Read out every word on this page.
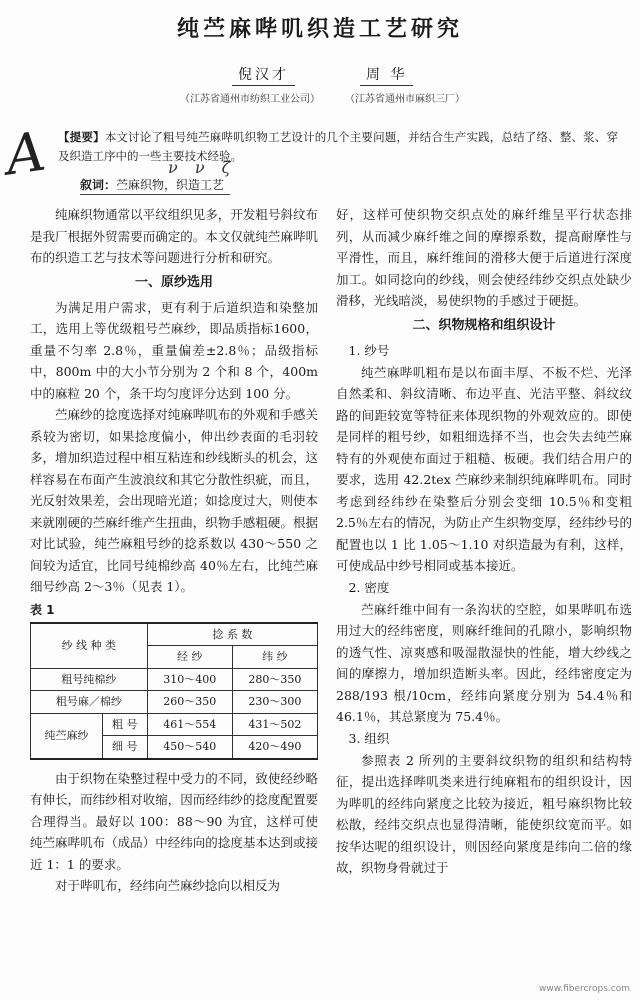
纯苎麻哔叽织造工艺研究
倪汉才	周 华
（江苏省通州市纺织工业公司）	（江苏省通州市麻织三厂）
A 【提要】本文讨论了粗号纯苎麻哔叽织物工艺设计的几个主要问题，并结合生产实践，总结了络、整、浆、穿及织造工序中的一些主要技术经验。
ν ν ζ
叙词：苎麻织物，织造工艺

纯麻织物通常以平纹组织见多，开发粗号斜纹布是我厂根据外贸需要而确定的。本文仅就纯苎麻哔叽布的织造工艺与技术等问题进行分析和研究。

一、原纱选用

为满足用户需求，更有利于后道织造和染整加工，选用上等优级粗号苎麻纱，即品质指标1600，重量不匀率 2.8％，重量偏差±2.8％；品级指标中，800m 中的大小节分别为 2 个和 8 个，400m 中的麻粒 20 个，条干均匀度评分达到 100 分。

苎麻纱的捻度选择对纯麻哔叽布的外观和手感关系较为密切，如果捻度偏小，伸出纱表面的毛羽较多，增加织造过程中相互粘连和纱线断头的机会，这样容易在布面产生波浪纹和其它分散性织疵，而且，光反射效果差，会出现暗光道；如捻度过大，则使本来就刚硬的苎麻纤维产生扭曲，织物手感粗硬。根据对比试验，纯苎麻粗号纱的捻系数以 430～550 之间较为适宜，比同号纯棉纱高 40％左右，比纯苎麻细号纱高 2～3％（见表 1）。

表 1
纱 线 种 类		捻 系 数	
		经 纱	纬 纱
粗号纯棉纱		310～400	280～350
粗号麻／棉纱		260～350	230～300
纯苎麻纱	粗 号	461～554	431～502
	细 号	450～540	420～490

由于织物在染整过程中受力的不同，致使经纱略有伸长，而纬纱相对收缩，因而经纬纱的捻度配置要合理得当。最好以 100：88～90 为宜，这样可使纯苎麻哔叽布（成品）中经纬向的捻度基本达到或接近 1：1 的要求。

对于哔叽布，经纬向苎麻纱捻向以相反为

好，这样可使织物交织点处的麻纤维呈平行状态排列，从而减少麻纤维之间的摩擦系数，提高耐摩性与平滑性，而且，麻纤维间的滑移大便于后道进行深度加工。如同捻向的纱线，则会使经纬纱交织点处缺少滑移，光线暗淡，易使织物的手感过于硬挺。

二、织物规格和组织设计
1. 纱号

纯苎麻哔叽粗布是以布面丰厚、不板不烂、光泽自然柔和、斜纹清晰、布边平直、光洁平整、斜纹纹路的间距较宽等特征来体现织物的外观效应的。即使是同样的粗号纱，如粗细选择不当，也会失去纯苎麻特有的外观使布面过于粗糙、板硬。我们结合用户的要求，选用 42.2tex 苎麻纱来制织纯麻哔叽布。同时考虑到经纬纱在染整后分别会变细 10.5％和变粗 2.5％左右的情况，为防止产生织物变厚，经纬纱号的配置也以 1 比 1.05～1.10 对织造最为有利，这样，可使成品中纱号相同或基本接近。

2. 密度

苎麻纤维中间有一条沟状的空腔，如果哔叽布选用过大的经纬密度，则麻纤维间的孔隙小，影响织物的透气性、凉爽感和吸湿散湿快的性能，增大纱线之间的摩擦力，增加织造断头率。因此，经纬密度定为 288/193 根/10cm，经纬向紧度分别为 54.4％和 46.1％，其总紧度为 75.4％。

3. 组织

参照表 2 所列的主要斜纹织物的组织和结构特征，提出选择哔叽类来进行纯麻粗布的组织设计，因为哔叽的经纬向紧度之比较为接近，粗号麻织物比较松散，经纬交织点也显得清晰，能使织纹宽而平。如按华达呢的组织设计，则因经向紧度是纬向二倍的缘故，织物身骨就过于

www.fibercrops.com
